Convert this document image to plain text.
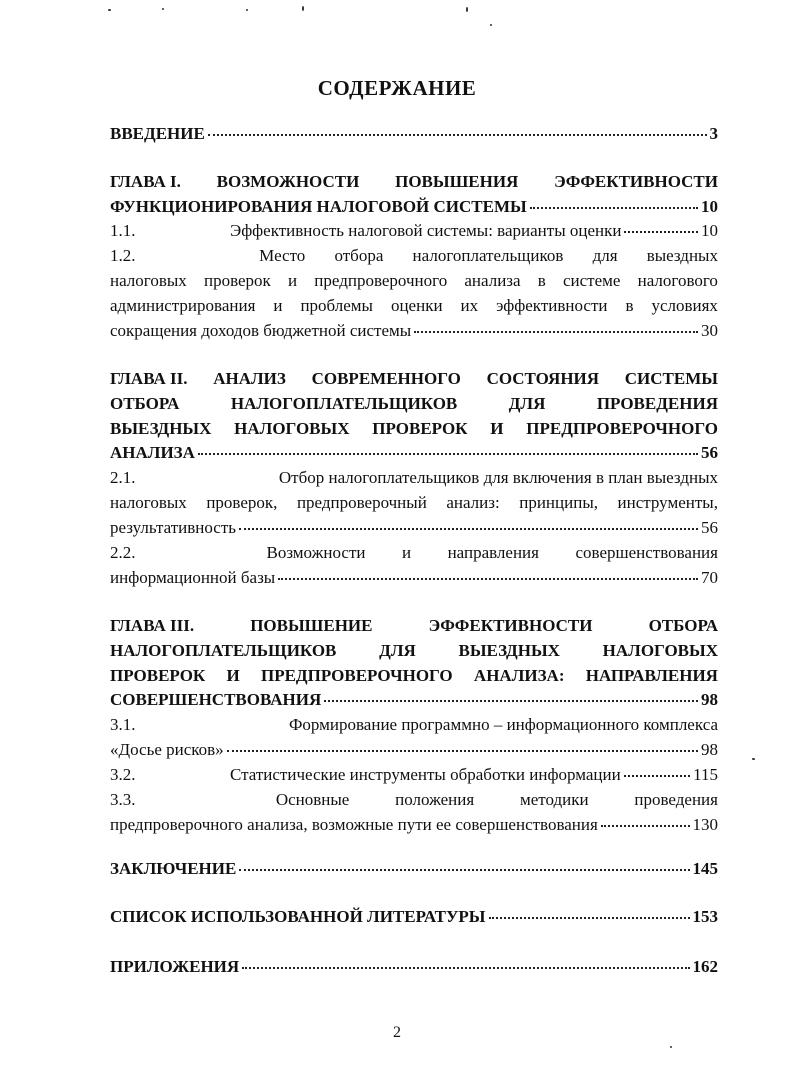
СОДЕРЖАНИЕ
ВВЕДЕНИЕ	3
ГЛАВА I. ВОЗМОЖНОСТИ ПОВЫШЕНИЯ ЭФФЕКТИВНОСТИ
ФУНКЦИОНИРОВАНИЯ НАЛОГОВОЙ СИСТЕМЫ	10
1.1.	Эффективность налоговой системы: варианты оценки	10
1.2.	Место отбора налогоплательщиков для выездных
налоговых проверок и предпроверочного анализа в системе налогового
администрирования и проблемы оценки их эффективности в условиях
сокращения доходов бюджетной системы	30
ГЛАВА II. АНАЛИЗ СОВРЕМЕННОГО СОСТОЯНИЯ СИСТЕМЫ
ОТБОРА	НАЛОГОПЛАТЕЛЬЩИКОВ	ДЛЯ	ПРОВЕДЕНИЯ
ВЫЕЗДНЫХ НАЛОГОВЫХ ПРОВЕРОК И ПРЕДПРОВЕРОЧНОГО
АНАЛИЗА	56
2.1.	Отбор налогоплательщиков для включения в план выездных
налоговых проверок, предпроверочный анализ: принципы, инструменты,
результативность	56
2.2.	Возможности и направления совершенствования
информационной базы	70
ГЛАВА III.	ПОВЫШЕНИЕ	ЭФФЕКТИВНОСТИ	ОТБОРА
НАЛОГОПЛАТЕЛЬЩИКОВ	ДЛЯ	ВЫЕЗДНЫХ	НАЛОГОВЫХ
ПРОВЕРОК И ПРЕДПРОВЕРОЧНОГО АНАЛИЗА: НАПРАВЛЕНИЯ
СОВЕРШЕНСТВОВАНИЯ	98
3.1.	Формирование программно – информационного комплекса
«Досье рисков»	98
3.2.	Статистические инструменты обработки информации	115
3.3.	Основные	положения	методики	проведения
предпроверочного анализа, возможные пути ее совершенствования	130
ЗАКЛЮЧЕНИЕ	145
СПИСОК ИСПОЛЬЗОВАННОЙ ЛИТЕРАТУРЫ	153
ПРИЛОЖЕНИЯ	162
2
